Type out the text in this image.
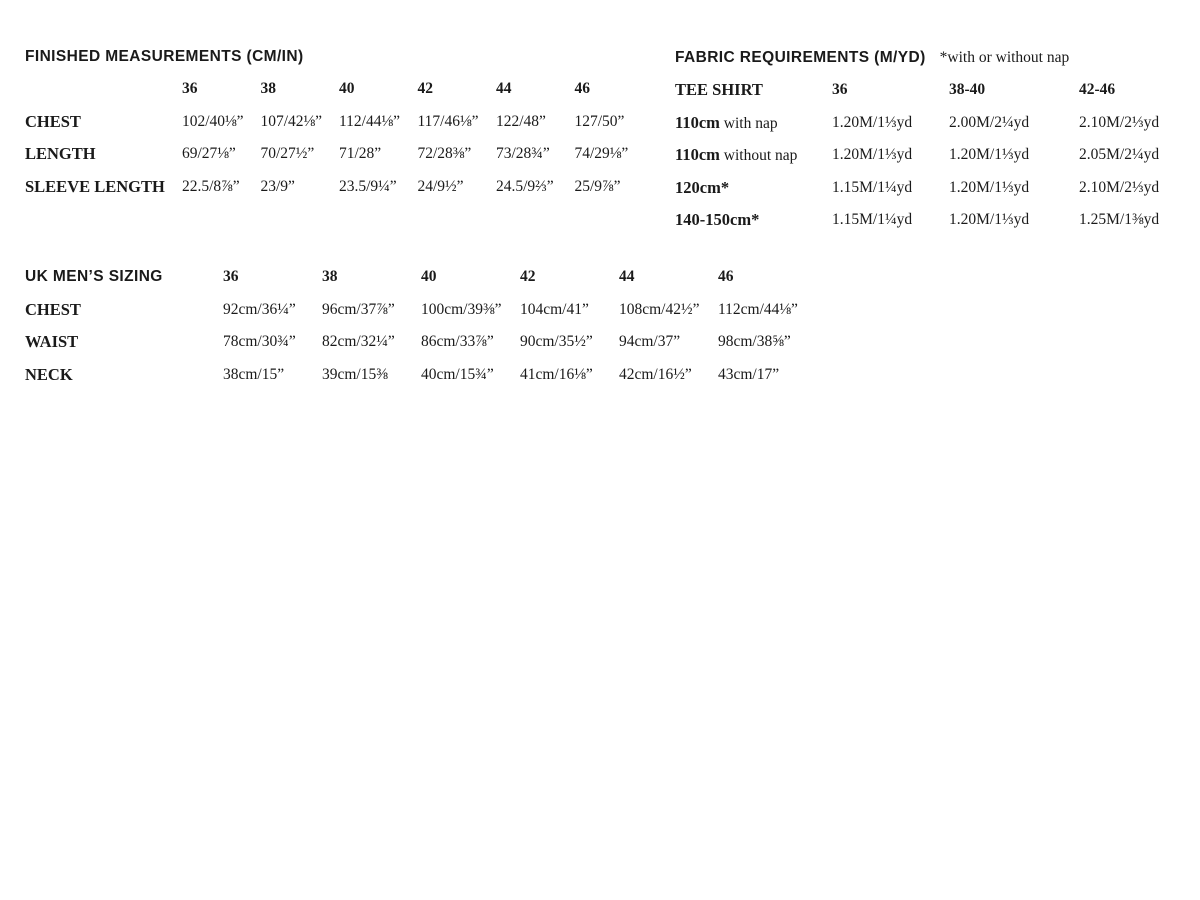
FINISHED MEASUREMENTS (CM/IN)
	36	38	40	42	44	46
CHEST	102/40⅛”	107/42⅛”	112/44⅛”	117/46⅛”	122/48”	127/50”
LENGTH	69/27⅛”	70/27½”	71/28”	72/28⅜”	73/28¾”	74/29⅛”
SLEEVE LENGTH	22.5/8⅞”	23/9”	23.5/9¼”	24/9½”	24.5/9⅔”	25/9⅞”
FABRIC REQUIREMENTS (M/YD) *with or without nap
TEE SHIRT	36	38-40	42-46
110cm with nap	1.20M/1⅓yd	2.00M/2¼yd	2.10M/2⅓yd
110cm without nap	1.20M/1⅓yd	1.20M/1⅓yd	2.05M/2¼yd
120cm*	1.15M/1¼yd	1.20M/1⅓yd	2.10M/2⅓yd
140-150cm*	1.15M/1¼yd	1.20M/1⅓yd	1.25M/1⅜yd
UK MEN’S SIZING	36	38	40	42	44	46
CHEST	92cm/36¼”	96cm/37⅞”	100cm/39⅜”	104cm/41”	108cm/42½”	112cm/44⅛”
WAIST	78cm/30¾”	82cm/32¼”	86cm/33⅞”	90cm/35½”	94cm/37”	98cm/38⅝”
NECK	38cm/15”	39cm/15⅜	40cm/15¾”	41cm/16⅛”	42cm/16½”	43cm/17”
